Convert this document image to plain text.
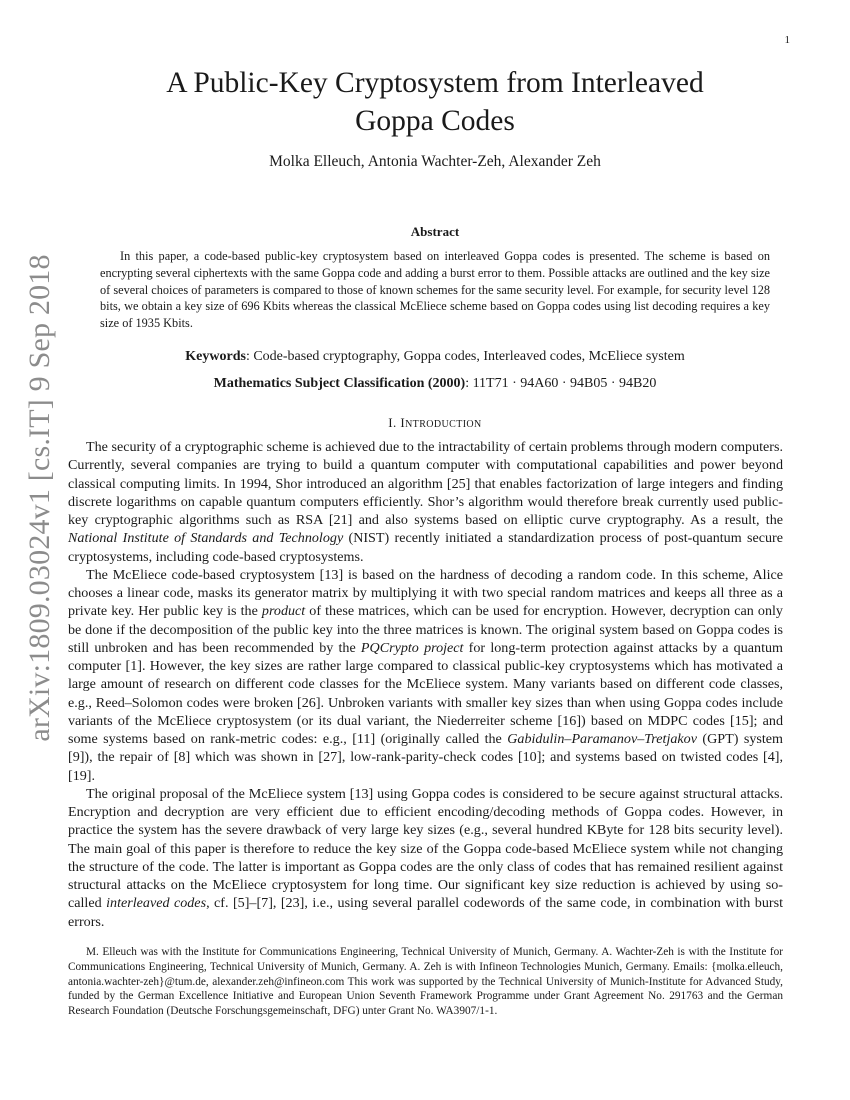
1
arXiv:1809.03024v1 [cs.IT] 9 Sep 2018
A Public-Key Cryptosystem from Interleaved
Goppa Codes
Molka Elleuch, Antonia Wachter-Zeh, Alexander Zeh
Abstract

In this paper, a code-based public-key cryptosystem based on interleaved Goppa codes is presented. The scheme is based on encrypting several ciphertexts with the same Goppa code and adding a burst error to them. Possible attacks are outlined and the key size of several choices of parameters is compared to those of known schemes for the same security level. For example, for security level 128 bits, we obtain a key size of 696 Kbits whereas the classical McEliece scheme based on Goppa codes using list decoding requires a key size of 1935 Kbits.

Keywords: Code-based cryptography, Goppa codes, Interleaved codes, McEliece system
Mathematics Subject Classification (2000): 11T71 · 94A60 · 94B05 · 94B20
I. INTRODUCTION

The security of a cryptographic scheme is achieved due to the intractability of certain problems through modern computers. Currently, several companies are trying to build a quantum computer with computational capabilities and power beyond classical computing limits. In 1994, Shor introduced an algorithm [25] that enables factorization of large integers and finding discrete logarithms on capable quantum computers efficiently. Shor’s algorithm would therefore break currently used public-key cryptographic algorithms such as RSA [21] and also systems based on elliptic curve cryptography. As a result, the National Institute of Standards and Technology (NIST) recently initiated a standardization process of post-quantum secure cryptosystems, including code-based cryptosystems.

The McEliece code-based cryptosystem [13] is based on the hardness of decoding a random code. In this scheme, Alice chooses a linear code, masks its generator matrix by multiplying it with two special random matrices and keeps all three as a private key. Her public key is the product of these matrices, which can be used for encryption. However, decryption can only be done if the decomposition of the public key into the three matrices is known. The original system based on Goppa codes is still unbroken and has been recommended by the PQCrypto project for long-term protection against attacks by a quantum computer [1]. However, the key sizes are rather large compared to classical public-key cryptosystems which has motivated a large amount of research on different code classes for the McEliece system. Many variants based on different code classes, e.g., Reed–Solomon codes were broken [26]. Unbroken variants with smaller key sizes than when using Goppa codes include variants of the McEliece cryptosystem (or its dual variant, the Niederreiter scheme [16]) based on MDPC codes [15]; and some systems based on rank-metric codes: e.g., [11] (originally called the Gabidulin–Paramanov–Tretjakov (GPT) system [9]), the repair of [8] which was shown in [27], low-rank-parity-check codes [10]; and systems based on twisted codes [4], [19].

The original proposal of the McEliece system [13] using Goppa codes is considered to be secure against structural attacks. Encryption and decryption are very efficient due to efficient encoding/decoding methods of Goppa codes. However, in practice the system has the severe drawback of very large key sizes (e.g., several hundred KByte for 128 bits security level). The main goal of this paper is therefore to reduce the key size of the Goppa code-based McEliece system while not changing the structure of the code. The latter is important as Goppa codes are the only class of codes that has remained resilient against structural attacks on the McEliece cryptosystem for long time. Our significant key size reduction is achieved by using so-called interleaved codes, cf. [5]–[7], [23], i.e., using several parallel codewords of the same code, in combination with burst errors.

M. Elleuch was with the Institute for Communications Engineering, Technical University of Munich, Germany. A. Wachter-Zeh is with the Institute for Communications Engineering, Technical University of Munich, Germany. A. Zeh is with Infineon Technologies Munich, Germany. Emails: {molka.elleuch, antonia.wachter-zeh}@tum.de, alexander.zeh@infineon.com This work was supported by the Technical University of Munich-Institute for Advanced Study, funded by the German Excellence Initiative and European Union Seventh Framework Programme under Grant Agreement No. 291763 and the German Research Foundation (Deutsche Forschungsgemeinschaft, DFG) unter Grant No. WA3907/1-1.
